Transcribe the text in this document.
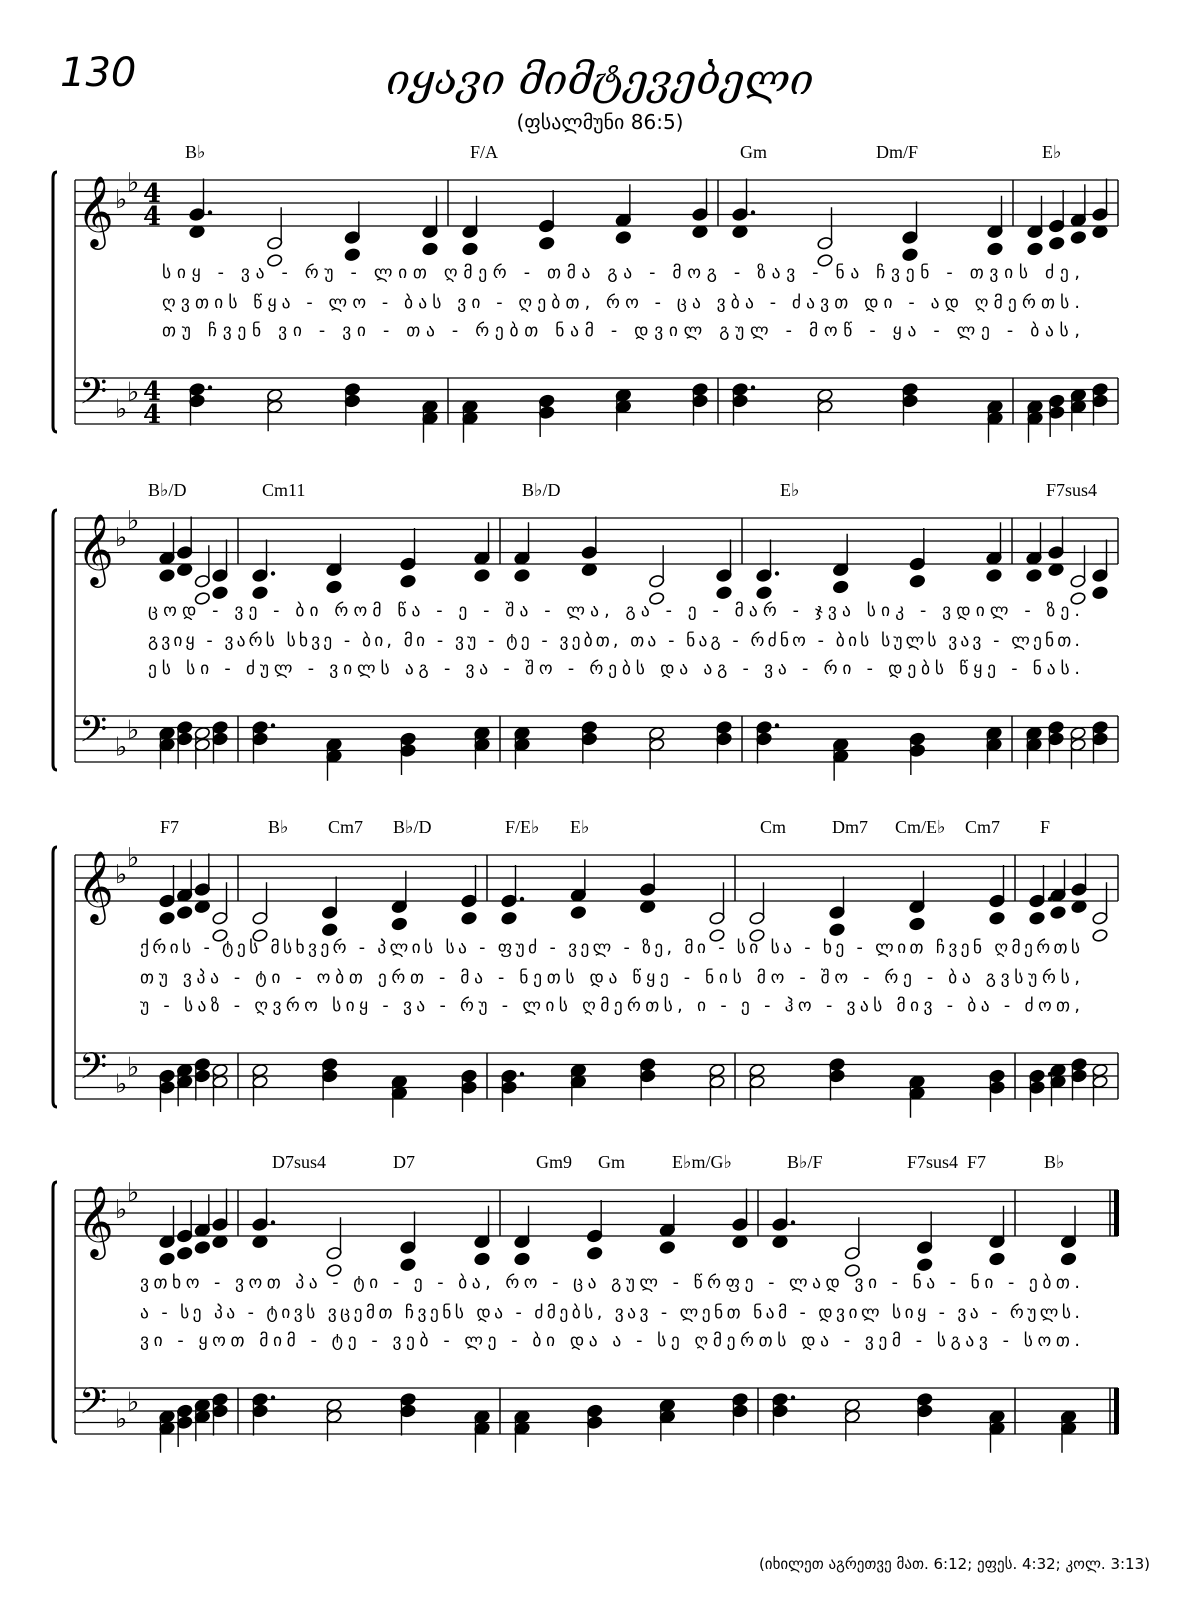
130	იყავი მიმტევებელი
(ფსალმუნი 86:5)
𝄞 ♭
♭ 4
4
𝄢 ♭
♭ 4
4
B♭	F/A	Gm	Dm/F	E♭
სიყ - ვა - რუ - ლით ღმერ - თმა გა - მოგ - ზავ - ნა ჩვენ - თვის ძე,
ღვთის წყა - ლო - ბას ვი - ღებთ, რო - ცა ვბა - ძავთ დი - ად ღმერთს.
თუ ჩვენ ვი - ვი - თა - რებთ ნამ - დვილ გულ - მოწ - ყა - ლე - ბას,
𝄞 ♭
♭
𝄢 ♭
♭
B♭/D	Cm11	B♭/D	E♭	F7sus4
ცოდ - ვე - ბი რომ წა - ე - შა - ლა, გა - ე - მარ - ჯვა სიკ - ვდილ - ზე.
გვიყ - ვარს სხვე - ბი, მი - ვუ - ტე - ვებთ, თა - ნაგ - რძნო - ბის სულს ვავ - ლენთ.
ეს სი - ძულ - ვილს აგ - ვა - შო - რებს და აგ - ვა - რი - დებს წყე - ნას.
𝄞 ♭
♭
𝄢 ♭
♭
F7	B♭ Cm7 B♭/D	F/E♭ E♭	Cm	Dm7 Cm/E♭ Cm7 F
ქრის - ტეს მსხვერ - პლის სა - ფუძ - ველ - ზე, მი - სი სა - ხე - ლით ჩვენ ღმერთს
თუ ვპა - ტი - ობთ ერთ - მა - ნეთს და წყე - ნის მო - შო - რე - ბა გვსურს,
უ - საზ - ღვრო სიყ - ვა - რუ - ლის ღმერთს, ი - ე - ჰო - ვას მივ - ბა - ძოთ,
𝄞 ♭
♭
𝄢 ♭
♭
D7sus4	D7	Gm9 Gm	E♭m/G♭	B♭/F	F7sus4 F7	B♭
ვთხო - ვოთ პა - ტი - ე - ბა, რო - ცა გულ - წრფე - ლად ვი - ნა - ნი - ებთ.
ა - სე პა - ტივს ვცემთ ჩვენს და - ძმებს, ვავ - ლენთ ნამ - დვილ სიყ - ვა - რულს.
ვი - ყოთ მიმ - ტე - ვებ - ლე - ბი და ა - სე ღმერთს და - ვემ - სგავ - სოთ.
(იხილეთ აგრეთვე მათ. 6:12; ეფეს. 4:32; კოლ. 3:13)
